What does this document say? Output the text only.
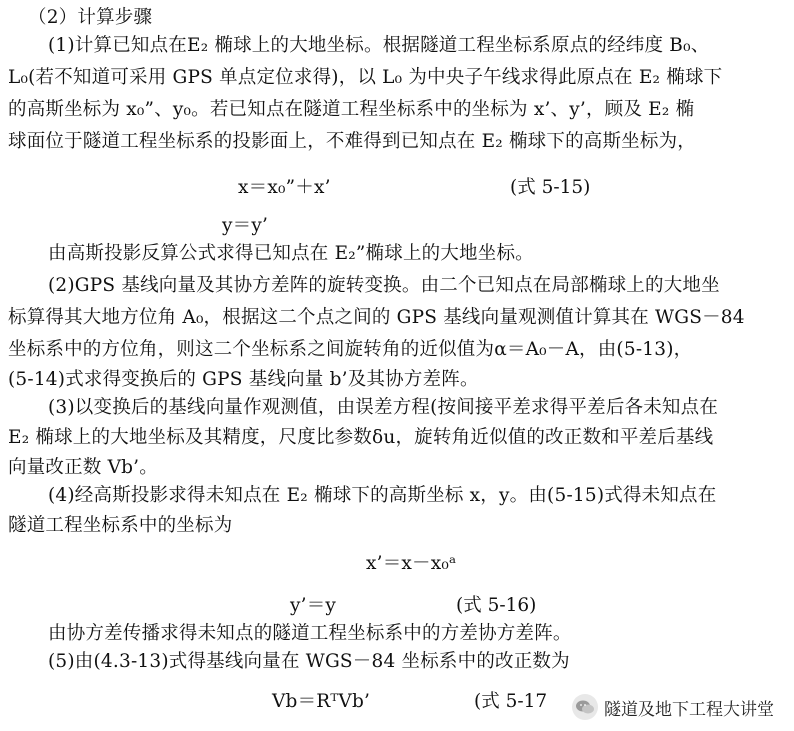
（2）计算步骤
(1)计算已知点在E₂ 椭球上的大地坐标。根据隧道工程坐标系原点的经纬度 B₀、
L₀(若不知道可采用 GPS 单点定位求得)，以 L₀ 为中央子午线求得此原点在 E₂ 椭球下
的高斯坐标为 x₀”、y₀。若已知点在隧道工程坐标系中的坐标为 x’、y’，顾及 E₂ 椭
球面位于隧道工程坐标系的投影面上，不难得到已知点在 E₂ 椭球下的高斯坐标为，
x＝x₀”＋x’	(式 5-15)
y＝y’
由高斯投影反算公式求得已知点在 E₂”椭球上的大地坐标。
(2)GPS 基线向量及其协方差阵的旋转变换。由二个已知点在局部椭球上的大地坐
标算得其大地方位角 A₀，根据这二个点之间的 GPS 基线向量观测值计算其在 WGS－84
坐标系中的方位角，则这二个坐标系之间旋转角的近似值为α＝A₀－A，由(5-13)，
(5-14)式求得变换后的 GPS 基线向量 b’及其协方差阵。
(3)以变换后的基线向量作观测值，由误差方程(按间接平差求得平差后各未知点在
E₂ 椭球上的大地坐标及其精度，尺度比参数δu，旋转角近似值的改正数和平差后基线
向量改正数 Vb’。
(4)经高斯投影求得未知点在 E₂ 椭球下的高斯坐标 x，y。由(5-15)式得未知点在
隧道工程坐标系中的坐标为
x’＝x－x₀ᵃ
y’＝y	(式 5-16)
由协方差传播求得未知点的隧道工程坐标系中的方差协方差阵。
(5)由(4.3-13)式得基线向量在 WGS－84 坐标系中的改正数为
Vb＝RᵀVb’	(式 5-17	隧道及地下工程大讲堂
